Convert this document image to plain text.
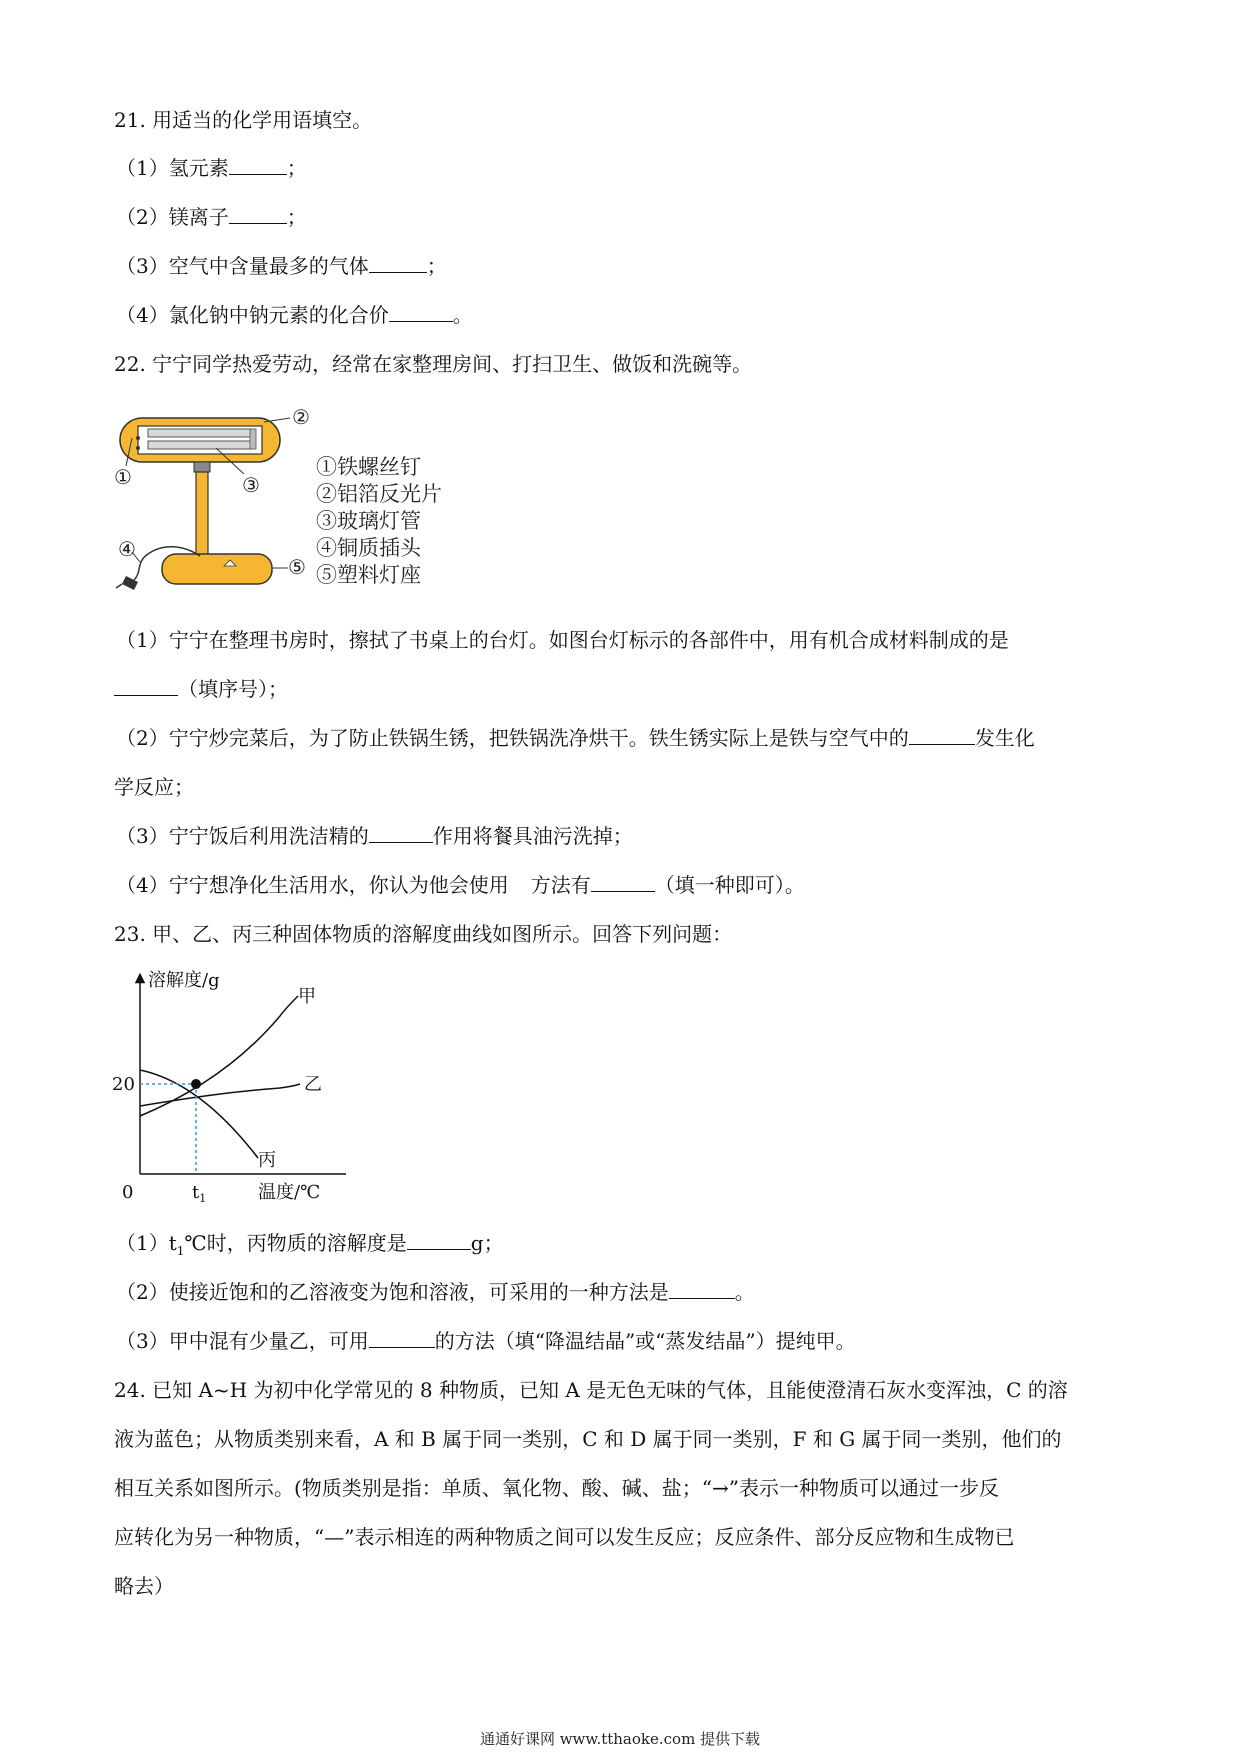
21. 用适当的化学用语填空。
（1）氢元素	；
（2）镁离子	；
（3）空气中含量最多的气体	；
（4）氯化钠中钠元素的化合价	。
22. 宁宁同学热爱劳动，经常在家整理房间、打扫卫生、做饭和洗碗等。
①
②
③
④
⑤
①铁螺丝钉
②铝箔反光片
③玻璃灯管
④铜质插头
⑤塑料灯座
（1）宁宁在整理书房时，擦拭了书桌上的台灯。如图台灯标示的各部件中，用有机合成材料制成的是
（填序号）；
（2）宁宁炒完菜后，为了防止铁锅生锈，把铁锅洗净烘干。铁生锈实际上是铁与空气中的	发生化
学反应；
（3）宁宁饭后利用洗洁精的	作用将餐具油污洗掉；
（4）宁宁想净化生活用水，你认为他会使用 方法有	（填一种即可）。
23. 甲、乙、丙三种固体物质的溶解度曲线如图所示。回答下列问题：
溶解度/g
温度/℃
0
20
$t_1$
甲
乙
丙
$(1)t_1℃$时，丙物质的溶解度是	g；
（2）使接近饱和的乙溶液变为饱和溶液，可采用的一种方法是	。
（3）甲中混有少量乙，可用	的方法（填“降温结晶”或“蒸发结晶”）提纯甲。
24. 已知 A~H 为初中化学常见的 8 种物质，已知 A 是无色无味的气体，且能使澄清石灰水变浑浊，C 的溶
液为蓝色；从物质类别来看，A 和 B 属于同一类别，C 和 D 属于同一类别，F 和 G 属于同一类别，他们的
相互关系如图所示。(物质类别是指：单质、氧化物、酸、碱、盐；“→”表示一种物质可以通过一步反
应转化为另一种物质，“—”表示相连的两种物质之间可以发生反应；反应条件、部分反应物和生成物已
略去）
通通好课网 www.tthaoke.com 提供下载
